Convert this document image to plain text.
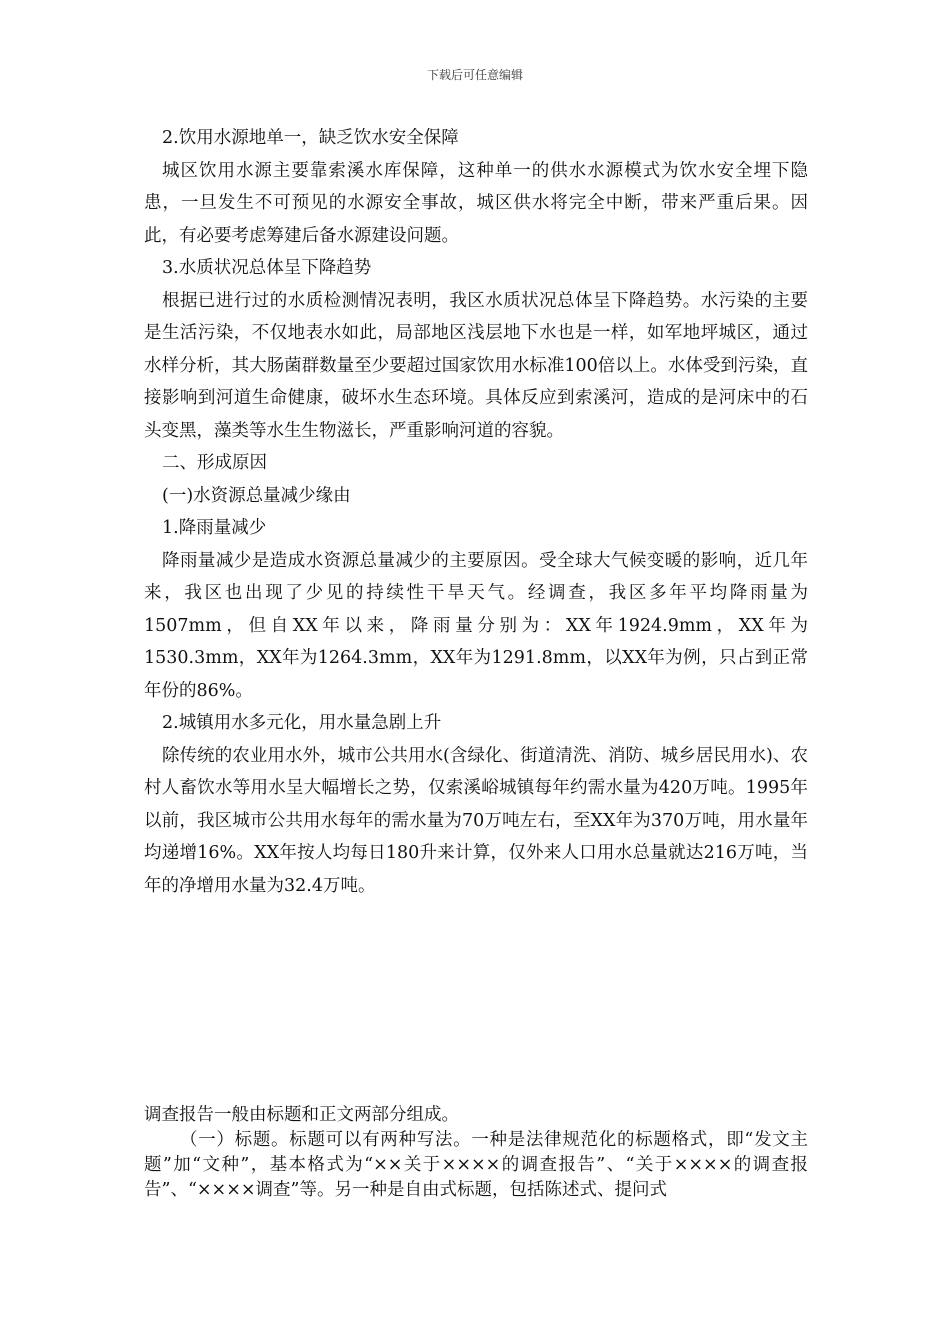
下载后可任意编辑

2.饮用水源地单一，缺乏饮水安全保障

城区饮用水源主要靠索溪水库保障，这种单一的供水水源模式为饮水安全埋下隐患，一旦发生不可预见的水源安全事故，城区供水将完全中断，带来严重后果。因此，有必要考虑筹建后备水源建设问题。

3.水质状况总体呈下降趋势

根据已进行过的水质检测情况表明，我区水质状况总体呈下降趋势。水污染的主要是生活污染，不仅地表水如此，局部地区浅层地下水也是一样，如军地坪城区，通过水样分析，其大肠菌群数量至少要超过国家饮用水标准100倍以上。水体受到污染，直接影响到河道生命健康，破坏水生态环境。具体反应到索溪河，造成的是河床中的石头变黑，藻类等水生生物滋长，严重影响河道的容貌。

二、形成原因

(一)水资源总量减少缘由

1.降雨量减少

降雨量减少是造成水资源总量减少的主要原因。受全球大气候变暖的影响，近几年来，我区也出现了少见的持续性干旱天气。经调查，我区多年平均降雨量为1507mm，但自XX年以来，降雨量分别为：XX年1924.9mm，XX年为1530.3mm，XX年为1264.3mm，XX年为1291.8mm，以XX年为例，只占到正常年份的86%。

2.城镇用水多元化，用水量急剧上升

除传统的农业用水外，城市公共用水(含绿化、街道清洗、消防、城乡居民用水)、农村人畜饮水等用水呈大幅增长之势，仅索溪峪城镇每年约需水量为420万吨。1995年以前，我区城市公共用水每年的需水量为70万吨左右，至XX年为370万吨，用水量年均递增16%。XX年按人均每日180升来计算，仅外来人口用水总量就达216万吨，当年的净增用水量为32.4万吨。

调查报告一般由标题和正文两部分组成。

（一）标题。标题可以有两种写法。一种是法律规范化的标题格式，即“发文主题”加“文种”，基本格式为“××关于××××的调查报告”、“关于××××的调查报告”、“××××调查”等。另一种是自由式标题，包括陈述式、提问式
